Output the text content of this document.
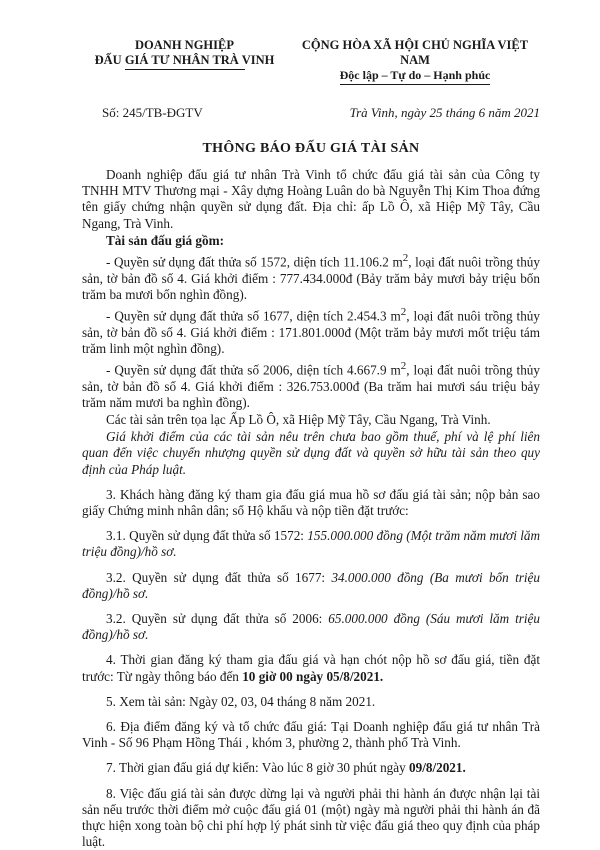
DOANH NGHIỆP
ĐẤU GIÁ TƯ NHÂN TRÀ VINH
CỘNG HÒA XÃ HỘI CHỦ NGHĨA VIỆT NAM
Độc lập – Tự do – Hạnh phúc
Số: 245/TB-ĐGTV	Trà Vinh, ngày 25 tháng 6 năm 2021
THÔNG BÁO ĐẤU GIÁ TÀI SẢN

Doanh nghiệp đấu giá tư nhân Trà Vinh tổ chức đấu giá tài sản của Công ty TNHH MTV Thương mại - Xây dựng Hoàng Luân do bà Nguyễn Thị Kim Thoa đứng tên giấy chứng nhận quyền sử dụng đất. Địa chỉ: ấp Lồ Ô, xã Hiệp Mỹ Tây, Cầu Ngang, Trà Vinh.

Tài sản đấu giá gồm:

- Quyền sử dụng đất thửa số 1572, diện tích 11.106.2 $m^2$, loại đất nuôi trồng thủy sản, tờ bản đồ số 4. Giá khởi điểm : 777.434.000đ (Bảy trăm bảy mươi bảy triệu bốn trăm ba mươi bốn nghìn đồng).

- Quyền sử dụng đất thửa số 1677, diện tích 2.454.3 $m^2$, loại đất nuôi trồng thủy sản, tờ bản đồ số 4. Giá khởi điểm : 171.801.000đ (Một trăm bảy mươi mốt triệu tám trăm linh một nghìn đồng).

- Quyền sử dụng đất thửa số 2006, diện tích 4.667.9 $m^2$, loại đất nuôi trồng thủy sản, tờ bản đồ số 4. Giá khởi điểm : 326.753.000đ (Ba trăm hai mươi sáu triệu bảy trăm năm mươi ba nghìn đồng).

Các tài sản trên tọa lạc Ấp Lồ Ô, xã Hiệp Mỹ Tây, Cầu Ngang, Trà Vinh.

Giá khởi điểm của các tài sản nêu trên chưa bao gồm thuế, phí và lệ phí liên quan đến việc chuyển nhượng quyền sử dụng đất và quyền sở hữu tài sản theo quy định của Pháp luật.

3. Khách hàng đăng ký tham gia đấu giá mua hồ sơ đấu giá tài sản; nộp bản sao giấy Chứng minh nhân dân; sổ Hộ khẩu và nộp tiền đặt trước:

3.1. Quyền sử dụng đất thửa số 1572: 155.000.000 đồng (Một trăm năm mươi lăm triệu đồng)/hồ sơ.

3.2. Quyền sử dụng đất thửa số 1677: 34.000.000 đồng (Ba mươi bốn triệu đồng)/hồ sơ.

3.2. Quyền sử dụng đất thửa số 2006: 65.000.000 đồng (Sáu mươi lăm triệu đồng)/hồ sơ.

4. Thời gian đăng ký tham gia đấu giá và hạn chót nộp hồ sơ đấu giá, tiền đặt trước: Từ ngày thông báo đến 10 giờ 00 ngày 05/8/2021.

5. Xem tài sản: Ngày 02, 03, 04 tháng 8 năm 2021.

6. Địa điểm đăng ký và tổ chức đấu giá: Tại Doanh nghiệp đấu giá tư nhân Trà Vinh - Số 96 Phạm Hồng Thái , khóm 3, phường 2, thành phố Trà Vinh.

7. Thời gian đấu giá dự kiến: Vào lúc 8 giờ 30 phút ngày 09/8/2021.

8. Việc đấu giá tài sản được dừng lại và người phải thi hành án được nhận lại tài sản nếu trước thời điểm mở cuộc đấu giá 01 (một) ngày mà người phải thi hành án đã thực hiện xong toàn bộ chi phí hợp lý phát sinh từ việc đấu giá theo quy định của pháp luật.
